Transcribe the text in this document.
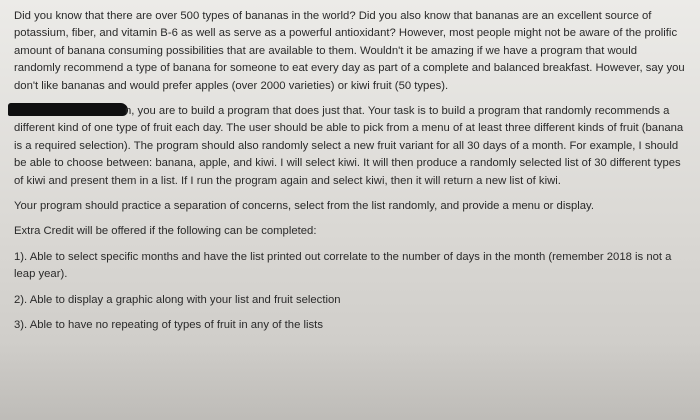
Did you know that there are over 500 types of bananas in the world? Did you also know that bananas are an excellent source of potassium, fiber, and vitamin B-6 as well as serve as a powerful antioxidant? However, most people might not be aware of the prolific amount of banana consuming possibilities that are available to them. Wouldn't it be amazing if we have a program that would randomly recommend a type of banana for someone to eat every day as part of a complete and balanced breakfast. However, say you don't like bananas and would prefer apples (over 2000 varieties) or kiwi fruit (50 types).

n, you are to build a program that does just that. Your task is to build a program that randomly recommends a different kind of one type of fruit each day. The user should be able to pick from a menu of at least three different kinds of fruit (banana is a required selection). The program should also randomly select a new fruit variant for all 30 days of a month. For example, I should be able to choose between: banana, apple, and kiwi. I will select kiwi. It will then produce a randomly selected list of 30 different types of kiwi and present them in a list. If I run the program again and select kiwi, then it will return a new list of kiwi.

Your program should practice a separation of concerns, select from the list randomly, and provide a menu or display.

Extra Credit will be offered if the following can be completed:

1). Able to select specific months and have the list printed out correlate to the number of days in the month (remember 2018 is not a leap year).

2). Able to display a graphic along with your list and fruit selection

3). Able to have no repeating of types of fruit in any of the lists
